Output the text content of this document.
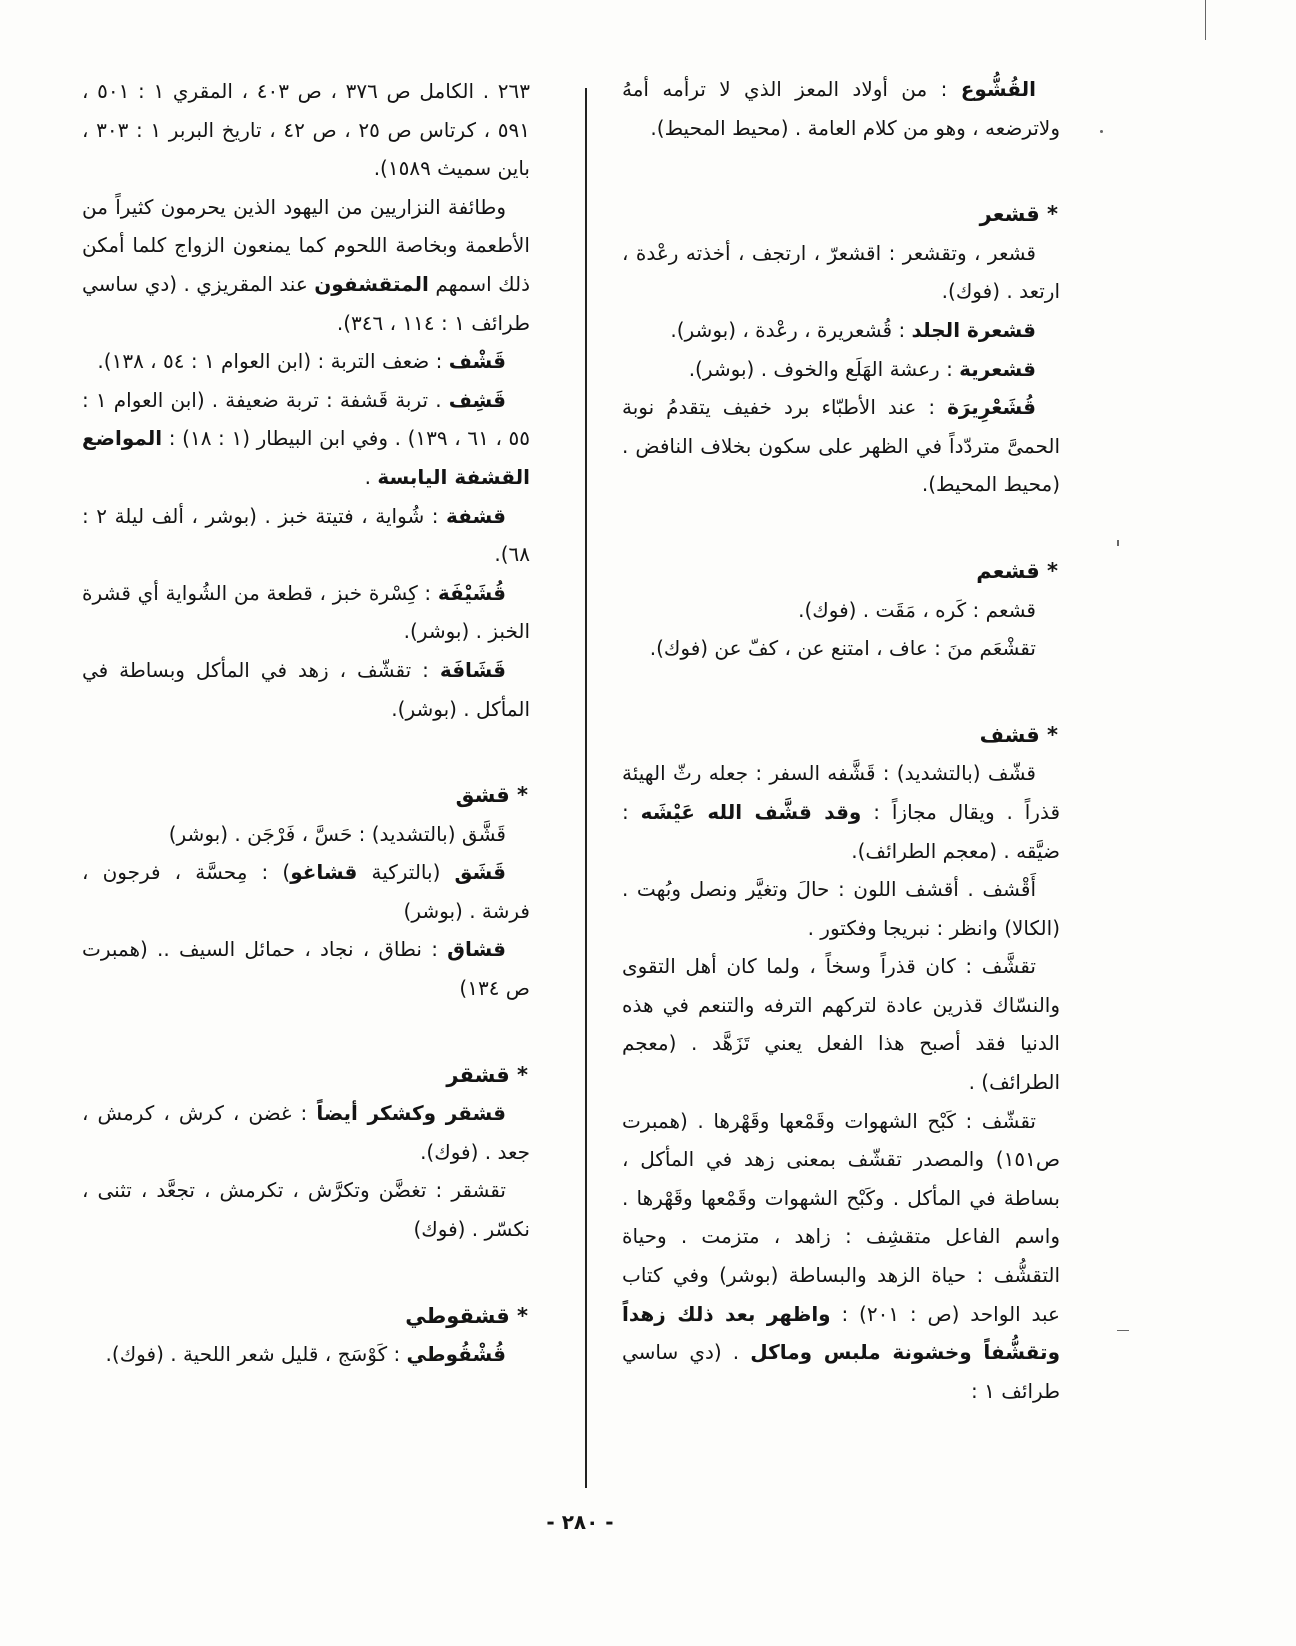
القُشُّوع : من أولاد المعز الذي لا ترأمه أمهُ ولاترضعه ، وهو من كلام العامة . (محيط المحيط).

* قشعر

قشعر ، وتقشعر : اقشعرّ ، ارتجف ، أخذته رعْدة ، ارتعد . (فوك).

قشعرة الجلد : قُشعريرة ، رعْدة ، (بوشر).

قشعرية : رعشة الهَلَع والخوف . (بوشر).

قُشَعْرِيرَة : عند الأطبّاء برد خفيف يتقدمُ نوبة الحمىَّ متردّداً في الظهر على سكون بخلاف النافض . (محيط المحيط).

* قشعم

قشعم : كَره ، مَقَت . (فوك).

تقشْعَم منَ : عاف ، امتنع عن ، كفّ عن (فوك).

* قشف

قشّف (بالتشديد) : قَشَّفه السفر : جعله رثّ الهيئة قذراً . ويقال مجازاً : وقد قشَّف الله عَيْشَه : ضيَّقه . (معجم الطرائف).

أَقْشف . أقشف اللون : حالَ وتغيَّر ونصل وبُهت . (الكالا) وانظر : نبريجا وفكتور .

تقشَّف : كان قذراً وسخاً ، ولما كان أهل التقوى والنسّاك قذرين عادة لتركهم الترفه والتنعم في هذه الدنيا فقد أصبح هذا الفعل يعني تَزَهَّد . (معجم الطرائف) .

تقشّف : كَبْح الشهوات وقَمْعها وقَهْرها . (همبرت ص١٥١) والمصدر تقشّف بمعنى زهد في المأكل ، بساطة في المأكل . وكَبْح الشهوات وقَمْعها وقَهْرها . واسم الفاعل متقشِف : زاهد ، متزمت . وحياة التقشُّف : حياة الزهد والبساطة (بوشر) وفي كتاب عبد الواحد (ص : ٢٠١) : واظهر بعد ذلك زهداً وتقشُّفاً وخشونة ملبس وماكل . (دي ساسي طرائف ١ :

٢٦٣ . الكامل ص ٣٧٦ ، ص ٤٠٣ ، المقري ١ : ٥٠١ ، ٥٩١ ، كرتاس ص ٢٥ ، ص ٤٢ ، تاريخ البربر ١ : ٣٠٣ ، باين سميث ١٥٨٩).

وطائفة النزاريين من اليهود الذين يحرمون كثيراً من الأطعمة وبخاصة اللحوم كما يمنعون الزواج كلما أمكن ذلك اسمهم المتقشفون عند المقريزي . (دي ساسي طرائف ١ : ١١٤ ، ٣٤٦).

قَشْف : ضعف التربة : (ابن العوام ١ : ٥٤ ، ١٣٨).

قَشِف . تربة قَشفة : تربة ضعيفة . (ابن العوام ١ : ٥٥ ، ٦١ ، ١٣٩) . وفي ابن البيطار (١ : ١٨) : المواضع القشفة اليابسة .

قشفة : شُواية ، فتيتة خبز . (بوشر ، ألف ليلة ٢ : ٦٨).

قُشَيْفَة : كِسْرة خبز ، قطعة من الشُواية أي قشرة الخبز . (بوشر).

قَشَافَة : تقشّف ، زهد في المأكل وبساطة في المأكل . (بوشر).

* قشق

قَشَّق (بالتشديد) : حَسَّ ، فَرْجَن . (بوشر)

قَشَق (بالتركية قشاغو) : مِحسَّة ، فرجون ، فرشة . (بوشر)

قشاق : نطاق ، نجاد ، حمائل السيف .. (همبرت ص ١٣٤)

* قشقر

قشقر وكشكر أيضاً : غضن ، كرش ، كرمش ، جعد . (فوك).

تقشقر : تغضَّن وتكرَّش ، تكرمش ، تجعَّد ، تثنى ، نكسّر . (فوك)

* قشقوطي

قُشْقُوطي : كَوْسَج ، قليل شعر اللحية . (فوك).

- ٢٨٠ -
